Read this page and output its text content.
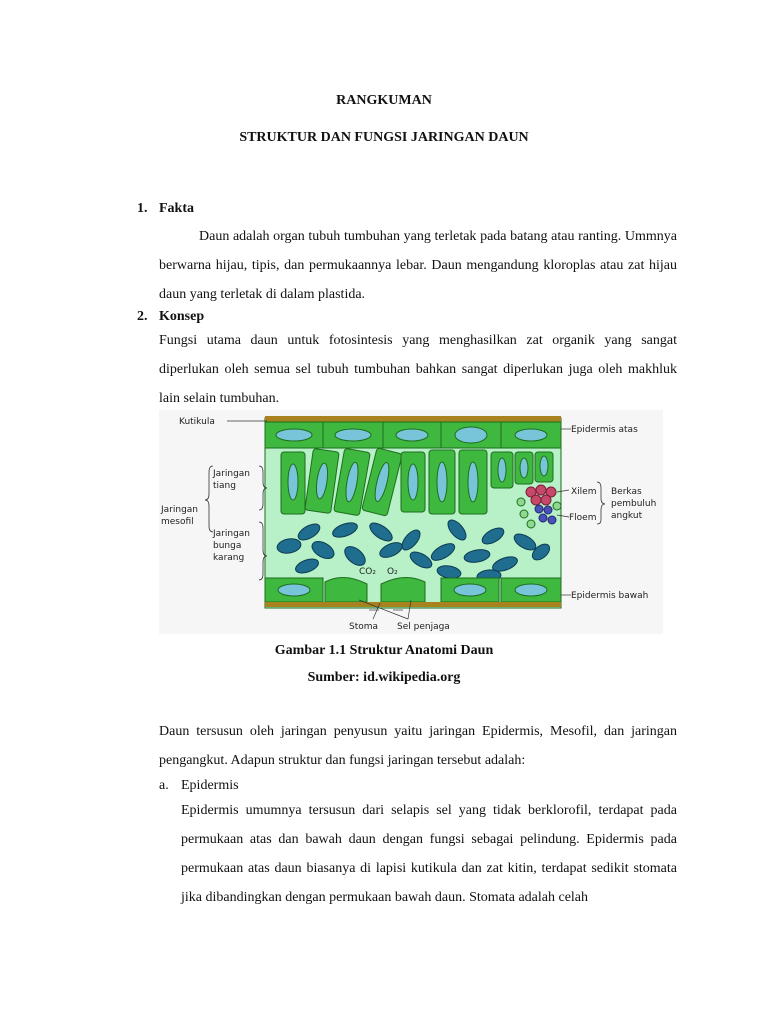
RANGKUMAN

STRUKTUR DAN FUNGSI JARINGAN DAUN

1. Fakta

Daun adalah organ tubuh tumbuhan yang terletak pada batang atau ranting. Ummnya berwarna hijau, tipis, dan permukaannya lebar. Daun mengandung kloroplas atau zat hijau daun yang terletak di dalam plastida.

2. Konsep

Fungsi utama daun untuk fotosintesis yang menghasilkan zat organik yang sangat diperlukan oleh semua sel tubuh tumbuhan bahkan sangat diperlukan juga oleh makhluk lain selain tumbuhan.

Kutikula
Epidermis atas
Jaringan
tiang
Jaringan
mesofil
Jaringan
bunga
karang
Xilem
Floem
Berkas
pembuluh
angkut
CO₂ O₂
Epidermis bawah
Stoma Sel penjaga

Gambar 1.1 Struktur Anatomi Daun

Sumber: id.wikipedia.org

Daun tersusun oleh jaringan penyusun yaitu jaringan Epidermis, Mesofil, dan jaringan pengangkut. Adapun struktur dan fungsi jaringan tersebut adalah:

a. Epidermis

Epidermis umumnya tersusun dari selapis sel yang tidak berklorofil, terdapat pada permukaan atas dan bawah daun dengan fungsi sebagai pelindung. Epidermis pada permukaan atas daun biasanya di lapisi kutikula dan zat kitin, terdapat sedikit stomata jika dibandingkan dengan permukaan bawah daun. Stomata adalah celah
